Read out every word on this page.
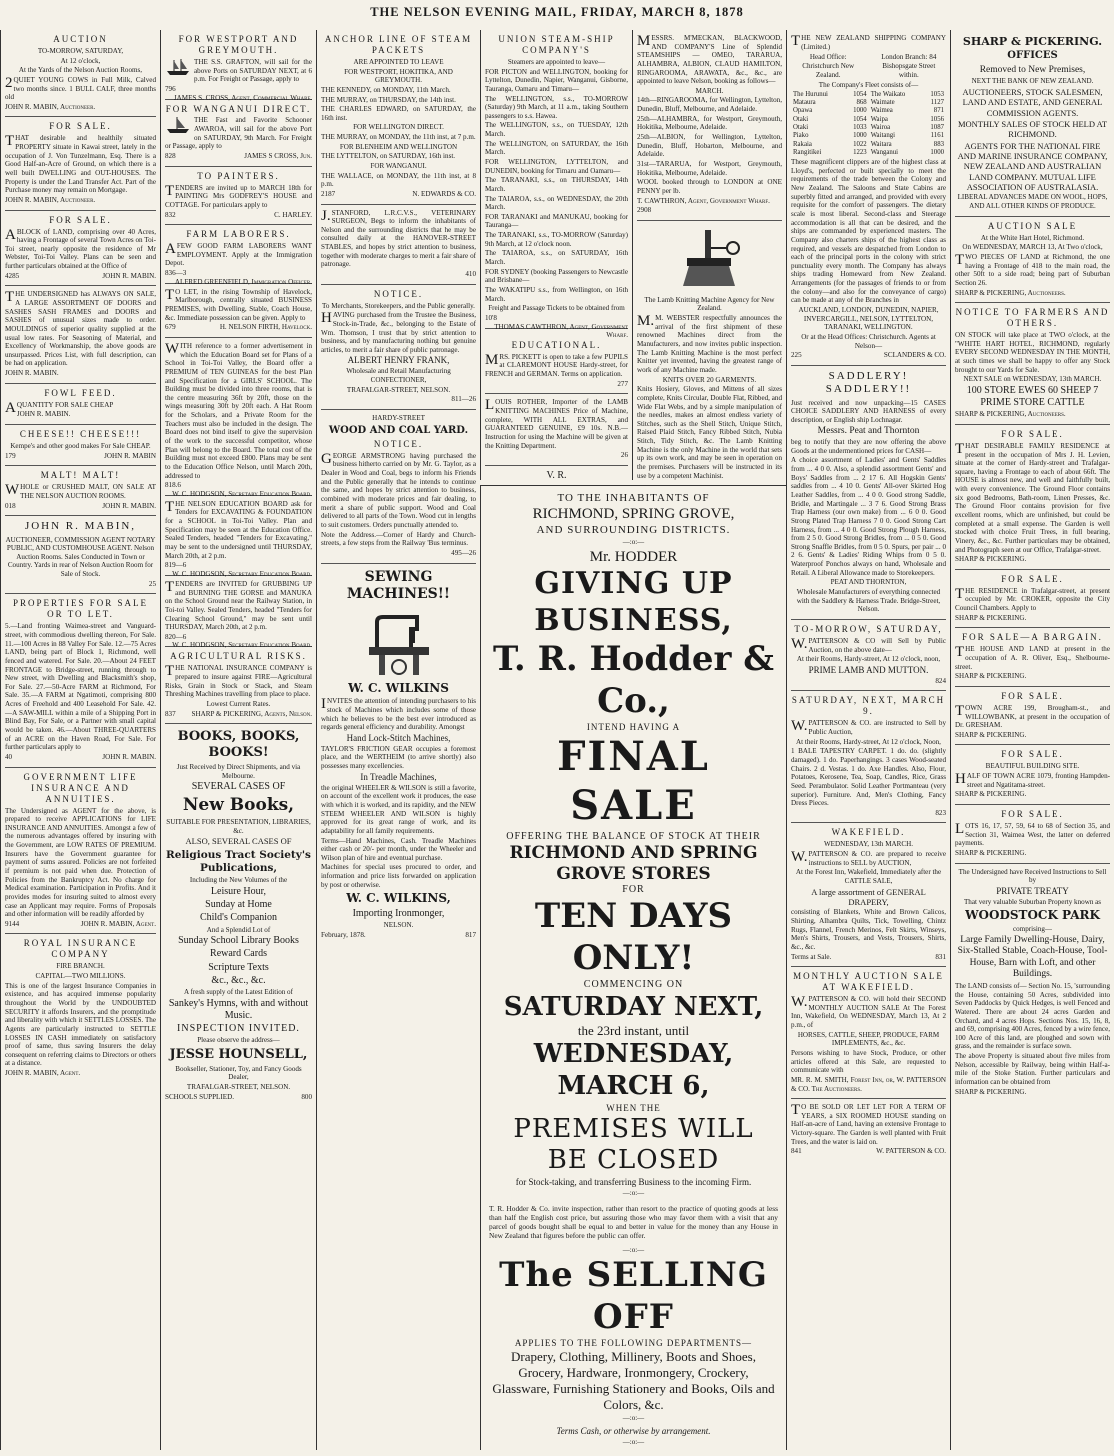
THE NELSON EVENING MAIL, FRIDAY, MARCH 8, 1878
AUCTION

TO-MORROW, SATURDAY,

At 12 o'clock,

At the Yards of the Nelson Auction Rooms,

2QUIET YOUNG COWS in Full Milk, Calved two months since. 1 BULL CALF, three months old

JOHN R. MABIN, Auctioneer.

FOR SALE.

THAT desirable and healthily situated PROPERTY situate in Kawai street, lately in the occupation of J. Von Tunzelmann, Esq. There is a Good Half-an-Acre of Ground, on which there is a well built DWELLING and OUT-HOUSES. The Property is under the Land Transfer Act. Part of the Purchase money may remain on Mortgage.

JOHN R. MABIN, Auctioneer.

FOR SALE.

ABLOCK of LAND, comprising over 40 Acres, having a Frontage of several Town Acres on Toi-Toi street, nearly opposite the residence of Mr Webster, Toi-Toi Valley. Plans can be seen and further particulars obtained at the Office of

4285	JOHN R. MABIN.

THE UNDERSIGNED has ALWAYS ON SALE, A LARGE ASSORTMENT OF DOORS and SASHES SASH FRAMES and DOORS and SASHES of unusual sizes made to order. MOULDINGS of superior quality supplied at the usual low rates. For Seasoning of Material, and Excellency of Workmanship, the above goods are unsurpassed. Prices List, with full description, can be had on application.

JOHN R. MABIN.

FOWL FEED.

AQUANTITY FOR SALE CHEAP

JOHN R. MABIN.

CHEESE!! CHEESE!!!

Kempe's and other good makes For Sale CHEAP.

179	JOHN R. MABIN

MALT! MALT!

WHOLE or CRUSHED MALT, ON SALE AT THE NELSON AUCTION ROOMS.

018	JOHN R. MABIN.

JOHN R. MABIN,

AUCTIONEER, COMMISSION AGENT NOTARY PUBLIC, AND CUSTOMHOUSE AGENT. Nelson Auction Rooms. Sales Conducted in Town or Country. Yards in rear of Nelson Auction Room for Sale of Stock.

25

PROPERTIES FOR SALE OR TO LET.

5.—Land fronting Waimea-street and Vanguard-street, with commodious dwelling thereon, For Sale. 11.—100 Acres in 88 Valley For Sale. 12.—75 Acres LAND, being part of Block 1, Richmond, well fenced and watered. For Sale. 20.—About 24 FEET FRONTAGE to Bridge-street, running through to New street, with Dwelling and Blacksmith's shop, For Sale. 27.—50-Acre FARM at Richmond, For Sale. 35.—A FARM at Ngatimoti, comprising 800 Acres of Freehold and 400 Leasehold For Sale. 42.—A SAW-MILL within a mile of a Shipping Port in Blind Bay, For Sale, or a Partner with small capital would be taken. 46.—About THREE-QUARTERS of an ACRE on the Haven Road, For Sale. For further particulars apply to

40	JOHN R. MABIN.

GOVERNMENT LIFE INSURANCE AND ANNUITIES.

The Undersigned as AGENT for the above, is prepared to receive APPLICATIONS for LIFE INSURANCE AND ANNUITIES. Amongst a few of the numerous advantages offered by insuring with the Government, are LOW RATES OF PREMIUM. Insurers have the Government guarantee for payment of sums assured. Policies are not forfeited if premium is not paid when due. Protection of Policies from the Bankruptcy Act. No charge for Medical examination. Participation in Profits. And it provides modes for insuring suited to almost every case an Applicant may require. Forms of Proposals and other information will be readily afforded by

9144	JOHN R. MABIN, Agent.

ROYAL INSURANCE COMPANY

FIRE BRANCH.

CAPITAL—TWO MILLIONS.

This is one of the largest Insurance Companies in existence, and has acquired immense popularity throughout the World by the UNDOUBTED SECURITY it affords Insurers, and the promptitude and liberality with which it SETTLES LOSSES. The Agents are particularly instructed to SETTLE LOSSES IN CASH immediately on satisfactory proof of same, thus saving Insurers the delay consequent on referring claims to Directors or others at a distance.

JOHN R. MABIN, Agent.

FOR WESTPORT AND GREYMOUTH.

THE S.S. GRAFTON, will sail for the above Ports on SATURDAY NEXT, at 6 p.m. For Freight or Passage, apply to

796
JAMES S. CROSS, Agent, Commercial Wharf.

FOR WANGANUI DIRECT.

THE Fast and Favorite Schooner AWAROA, will sail for the above Port on SATURDAY, 9th March. For Freight or Passage, apply to

828	JAMES S CROSS, Jun.

TO PAINTERS.

TENDERS are invited up to MARCH 18th for PAINTING Mrs GODFREY'S HOUSE and COTTAGE. For particulars apply to

832	C. HARLEY.

FARM LABORERS.

AFEW GOOD FARM LABORERS WANT EMPLOYMENT. Apply at the Immigration Depot.

836—3
ALFRED GREENFIELD, Immigration Officer.

TO LET, in the rising Township of Havelock, Marlborough, centrally situated BUSINESS PREMISES, with Dwelling, Stable, Coach House, &c. Immediate possession can be given. Apply to

679	H. NELSON FIRTH, Havelock.

WITH reference to a former advertisement in which the Education Board set for Plans of a School in Toi-Toi Valley, the Board offer a PREMIUM of TEN GUINEAS for the best Plan and Specification for a GIRLS' SCHOOL. The Building must be divided into three rooms, that is the centre measuring 36ft by 20ft, those on the wings measuring 30ft by 20ft each. A Hat Room for the Scholars, and a Private Room for the Teachers must also be included in the design. The Board does not bind itself to give the supervision of the work to the successful competitor, whose Plan will belong to the Board. The total cost of the Building must not exceed £800. Plans may be sent to the Education Office Nelson, until March 20th, addressed to

818.6
W. C. HODGSON, Secretary Education Board.

THE NELSON EDUCATION BOARD ask for Tenders for EXCAVATING & FOUNDATION for a SCHOOL in Toi-Toi Valley. Plan and Specification may be seen at the Education Office. Sealed Tenders, headed "Tenders for Excavating," may be sent to the undersigned until THURSDAY, March 20th, at 2 p.m.

819—6
W. C. HODGSON, Secretary Education Board.

TENDERS are INVITED for GRUBBING UP and BURNING THE GORSE and MANUKA on the School Ground near the Railway Station, in Toi-toi Valley. Sealed Tenders, headed "Tenders for Clearing School Ground," may be sent until THURSDAY, March 20th, at 2 p.m.

820—6
W. C. HODGSON, Secretary Education Board.

AGRICULTURAL RISKS.

THE NATIONAL INSURANCE COMPANY is prepared to insure against FIRE—Agricultural Risks, Grain in Stock or Stack, and Steam Threshing Machines travelling from place to place.

Lowest Current Rates.

837 SHARP & PICKERING, Agents, Nelson.

BOOKS, BOOKS, BOOKS!

Just Received by Direct Shipments, and via Melbourne.

SEVERAL CASES OF

New Books,

SUITABLE FOR PRESENTATION, LIBRARIES, &c.

ALSO, SEVERAL CASES OF

Religious Tract Society's Publications,

Including the New Volumes of the

Leisure Hour,

Sunday at Home

Child's Companion

And a Splendid Lot of

Sunday School Library Books

Reward Cards

Scripture Texts

&c., &c., &c.

A fresh supply of the Latest Edition of

Sankey's Hymns, with and without Music.

INSPECTION INVITED.

Please observe the address—

JESSE HOUNSELL,

Bookseller, Stationer, Toy, and Fancy Goods Dealer,

TRAFALGAR-STREET, NELSON.

SCHOOLS SUPPLIED.	800

ANCHOR LINE OF STEAM PACKETS

ARE APPOINTED TO LEAVE

FOR WESTPORT, HOKITIKA, AND GREYMOUTH.

THE KENNEDY, on MONDAY, 11th March.

THE MURRAY, on THURSDAY, the 14th inst.

THE CHARLES EDWARD, on SATURDAY, the 16th inst.

FOR WELLINGTON DIRECT.

THE MURRAY, on MONDAY, the 11th inst, at 7 p.m.

FOR BLENHEIM AND WELLINGTON

THE LYTTELTON, on SATURDAY, 16th inst.

FOR WANGANUI.

THE WALLACE, on MONDAY, the 11th inst, at 8 p.m.

2187	N. EDWARDS & CO.

J.STANFORD, L.R.C.V.S., VETERINARY SURGEON, Begs to inform the inhabitants of Nelson and the surrounding districts that he may be consulted daily at the HANOVER-STREET STABLES, and hopes by strict attention to business, together with moderate charges to merit a fair share of patronage.

410

NOTICE.

To Merchants, Storekeepers, and the Public generally.

HAVING purchased from the Trustee the Business, Stock-in-Trade, &c., belonging to the Estate of Wm. Thomson, I trust that by strict attention to business, and by manufacturing nothing but genuine articles, to merit a fair share of public patronage.

ALBERT HENRY FRANK,

Wholesale and Retail Manufacturing CONFECTIONER,

TRAFALGAR-STREET, NELSON.

811—26

HARDY-STREET

WOOD AND COAL YARD.
NOTICE.

GEORGE ARMSTRONG having purchased the business hitherto carried on by Mr. G. Taylor, as a Dealer in Wood and Coal, begs to inform his Friends and the Public generally that he intends to continue the same, and hopes by strict attention to business, combined with moderate prices and fair dealing, to merit a share of public support. Wood and Coal delivered to all parts of the Town. Wood cut in lengths to suit customers. Orders punctually attended to.

Note the Address.—Corner of Hardy and Church-streets, a few steps from the Railway 'Bus terminus.

495—26

SEWING MACHINES!!
W. C. WILKINS

INVITES the attention of intending purchasers to his stock of Machines which includes some of those which he believes to be the best ever introduced as regards general efficiency and durability. Amongst

Hand Lock-Stitch Machines,

TAYLOR'S FRICTION GEAR occupies a foremost place, and the WERTHEIM (to arrive shortly) also possesses many excellencies.

In Treadle Machines,

the original WHEELER & WILSON is still a favorite, on account of the excellent work it produces, the ease with which it is worked, and its rapidity, and the NEW STEEM WHEELER AND WILSON is highly approved for its great range of work, and its adaptability for all family requirements.

Terms—Hand Machines, Cash. Treadle Machines either cash or 20/- per month, under the Wheeler and Wilson plan of hire and eventual purchase.

Machines for special uses procured to order, and information and price lists forwarded on application by post or otherwise.

W. C. WILKINS,

Importing Ironmonger,

NELSON.

February, 1878.	817

UNION STEAM-SHIP COMPANY'S

Steamers are appointed to leave—

FOR PICTON and WELLINGTON, booking for Lyttelton, Dunedin, Napier, Wanganui, Gisborne, Tauranga, Oamaru and Timaru—

The WELLINGTON, s.s., TO-MORROW (Saturday) 9th March, at 11 a.m., taking Southern passengers to s.s. Hawea.

The WELLINGTON, s.s., on TUESDAY, 12th March.

The WELLINGTON, on SATURDAY, the 16th March.

FOR WELLINGTON, LYTTELTON, and DUNEDIN, booking for Timaru and Oamaru—

The TARANAKI, s.s., on THURSDAY, 14th March.

The TAIAROA, s.s., on WEDNESDAY, the 20th March.

FOR TARANAKI and MANUKAU, booking for Tauranga—

The TARANAKI, s.s., TO-MORROW (Saturday) 9th March, at 12 o'clock noon.

The TAIAROA, s.s., on SATURDAY, 16th March.

FOR SYDNEY (booking Passengers to Newcastle and Brisbane—

The WAKATIPU s.s., from Wellington, on 16th March.

Freight and Passage Tickets to be obtained from

10'8
THOMAS CAWTHRON, Agent, Government Wharf.

EDUCATIONAL.

MRS. PICKETT is open to take a few PUPILS at CLAREMONT HOUSE Hardy-street, for FRENCH and GERMAN. Terms on application.

277

LOUIS ROTHER, Importer of the LAMB KNITTING MACHINES Price of Machine, complete, WITH ALL EXTRAS, and GUARANTEED GENUINE, £9 10s. N.B.—Instruction for using the Machine will be given at the Knitting Department.

26

V. R.

MESSRS. M'MECKAN, BLACKWOOD, AND COMPANY'S Line of Splendid STEAMSHIPS — OMEO, TARARUA, ALHAMBRA, ALBION, CLAUD HAMILTON, RINGAROOMA, ARAWATA, &c., &c., are appointed to leave Nelson, booking as follows—

MARCH.

14th—RINGAROOMA, for Wellington, Lyttelton, Dunedin, Bluff, Melbourne, and Adelaide.

25th—ALHAMBRA, for Westport, Greymouth, Hokitika, Melbourne, Adelaide.

25th—ALBION, for Wellington, Lyttelton, Dunedin, Bluff, Hobarton, Melbourne, and Adelaide.

31st—TARARUA, for Westport, Greymouth, Hokitika, Melbourne, Adelaide.

WOOL booked through to LONDON at ONE PENNY per lb.

T. CAWTHRON, Agent, Government Wharf.

2908

The Lamb Knitting Machine Agency for New Zealand.

M.M. WEBSTER respectfully announces the arrival of the first shipment of these renowned Machines direct from the Manufacturers, and now invites public inspection. The Lamb Knitting Machine is the most perfect Knitter yet invented, having the greatest range of work of any Machine made.

KNITS OVER 20 GARMENTS.

Knits Hosiery, Gloves, and Mittens of all sizes complete, Knits Circular, Double Flat, Ribbed, and Wide Flat Webs, and by a simple manipulation of the needles, makes an almost endless variety of Stitches, such as the Shell Stitch, Unique Stitch, Raised Plaid Stitch, Fancy Ribbed Stitch, Nubia Stitch, Tidy Stitch, &c. The Lamb Knitting Machine is the only Machine in the world that sets up its own work, and may be seen in operation on the premises. Purchasers will be instructed in its use by a competent Machinist.

TO THE INHABITANTS OF
RICHMOND, SPRING GROVE,
AND SURROUNDING DISTRICTS.
—:o:—
Mr. HODDER
GIVING UP BUSINESS,
T. R. Hodder & Co.,
INTEND HAVING A
FINAL SALE
OFFERING THE BALANCE OF STOCK AT THEIR
RICHMOND AND SPRING GROVE STORES
FOR
TEN DAYS ONLY!
COMMENCING ON
SATURDAY NEXT,
the 23rd instant, until
WEDNESDAY, MARCH 6,
WHEN THE
PREMISES WILL BE CLOSED
for Stock-taking, and transferring Business to the incoming Firm.
—:o:—
T. R. Hodder & Co. invite inspection, rather than resort to the practice of quoting goods at less than half the English cost price, but assuring those who may favor them with a visit that any parcel of goods bought shall be equal to and better in value for the money than any House in New Zealand that figures before the public can offer.
—:o:—
The SELLING OFF
APPLIES TO THE FOLLOWING DEPARTMENTS—
Drapery, Clothing, Millinery, Boots and Shoes, Grocery, Hardware, Ironmongery, Crockery, Glassware, Furnishing Stationery and Books, Oils and Colors, &c.
—:o:—
Terms Cash, or otherwise by arrangement.
—:o:—

THE NEW ZEALAND SHIPPING COMPANY (Limited.)

Head Office: Christchurch New Zealand.

London Branch: 84 Bishopsgate Street within.

The Company's Fleet consists of—

The Hurunui	1054	The Waikato	1053
Mataura	868	Waimate	1127
Opawa	1000	Waimea	871
Otaki	1054	Waipa	1056
Otaki	1033	Wairoa	1087
Piako	1000	Waitangi	1161
Rakaia	1022	Waitara	883
Rangitikei	1223	Wanganui	1000

These magnificent clippers are of the highest class at Lloyd's, perfected or built specially to meet the requirements of the trade between the Colony and New Zealand. The Saloons and State Cabins are superbly fitted and arranged, and provided with every requisite for the comfort of passengers. The dietary scale is most liberal. Second-class and Steerage accommodation is all that can be desired, and the ships are commanded by experienced masters. The Company also charters ships of the highest class as required, and vessels are despatched from London to each of the principal ports in the colony with strict punctuality every month. The Company has always ships trading Homeward from New Zealand. Arrangements (for the passages of friends to or from the colony—and also for the conveyance of cargo) can be made at any of the Branches in

AUCKLAND, LONDON, DUNEDIN, NAPIER, INVERCARGILL, NELSON, LYTTELTON, TARANAKI, WELLINGTON.

Or at the Head Offices: Christchurch. Agents at Nelson—

225	SCLANDERS & CO.

SADDLERY! SADDLERY!!

Just received and now unpacking—15 CASES CHOICE SADDLERY AND HARNESS of every description, or English ship Lochnagar.

Messrs. Peat and Thornton

beg to notify that they are now offering the above Goods at the undermentioned prices for CASH—

A choice assortment of Ladies' and Gents' Saddles from ... 4 0 0. Also, a splendid assortment Gents' and Boys' Saddles from ... 2 17 6. All Hogskin Gents' saddles from ... 4 10 0. Gents' All-over Skirted Hog Leather Saddles, from ... 4 0 0. Good strong Saddle, Bridle, and Martingale ... 3 7 6. Good Strong Brass Trap Harness (our own make) from ... 6 0 0. Good Strong Plated Trap Harness 7 0 0. Good Strong Cart Harness, from ... 4 0 0. Good Strong Plough Harness, from 2 5 0. Good Strong Bridles, from ... 0 5 0. Good Strong Snaffle Bridles, from 0 5 0. Spurs, per pair ... 0 2 6. Gents' & Ladies' Riding Whips from 0 5 0. Waterproof Ponchos always on hand, Wholesale and Retail. A Liberal Allowance made to Storekeepers.

PEAT AND THORNTON,

Wholesale Manufacturers of everything connected with the Saddlery & Harness Trade. Bridge-Street, Nelson.

TO-MORROW, SATURDAY,

W.PATTERSON & CO will Sell by Public Auction, on the above date—

At their Rooms, Hardy-street, At 12 o'clock, noon,

PRIME LAMB AND MUTTON.

824

SATURDAY, NEXT, MARCH 9.

W.PATTERSON & CO. are instructed to Sell by Public Auction,

At their Rooms, Hardy-street, At 12 o'clock, Noon,

1 BALE TAPESTRY CARPET. 1 do. do. (slightly damaged). 1 do. Paperhangings. 3 cases Wood-seated Chairs. 2 d. Vestas. 1 do. Axe Handles. Also, Flour, Potatoes, Kerosene, Tea, Soap, Candles, Rice, Grass Seed. Perambulator. Solid Leather Portmanteau (very superior). Furniture. And, Men's Clothing, Fancy Dress Pieces.

823

WAKEFIELD.

WEDNESDAY, 13th MARCH.

W.PATTERSON & CO. are prepared to receive instructions to SELL by AUCTION,

At the Forest Inn, Wakefield, Immediately after the CATTLE SALE,

A large assortment of GENERAL DRAPERY,

consisting of Blankets, White and Brown Calicos, Shirting, Alhambra Quilts, Tick, Towelling, Chintz Rugs, Flannel, French Merinos, Felt Skirts, Winseys, Men's Shirts, Trousers, and Vests, Trousers, Shirts, &c., &c.

Terms at Sale.	831

MONTHLY AUCTION SALE AT WAKEFIELD.

W.PATTERSON & CO. will hold their SECOND MONTHLY AUCTION SALE At The Forest Inn, Wakefield, On WEDNESDAY, March 13, At 2 p.m., of

HORSES, CATTLE, SHEEP, PRODUCE, FARM IMPLEMENTS, &c., &c.

Persons wishing to have Stock, Produce, or other articles offered at this Sale, are requested to communicate with

MR. R. M. SMITH, Forest Inn, or, W. PATTERSON & CO. The Auctioneers.

TO BE SOLD OR LET LET FOR A TERM OF YEARS, a SIX ROOMED HOUSE standing on Half-an-acre of Land, having an extensive Frontage to Victory-square. The Garden is well planted with Fruit Trees, and the water is laid on.

841	W. PATTERSON & CO.

SHARP & PICKERING.
OFFICES

Removed to New Premises,

NEXT THE BANK OF NEW ZEALAND.

AUCTIONEERS, STOCK SALESMEN, LAND AND ESTATE, AND GENERAL COMMISSION AGENTS.

MONTHLY SALES OF STOCK HELD AT RICHMOND.

AGENTS FOR THE NATIONAL FIRE AND MARINE INSURANCE COMPANY, NEW ZEALAND AND AUSTRALIAN LAND COMPANY. MUTUAL LIFE ASSOCIATION OF AUSTRALASIA.

LIBERAL ADVANCES MADE ON WOOL, HOPS, AND ALL OTHER KINDS OF PRODUCE.

AUCTION SALE

At the White Hart Hotel, Richmond.

On WEDNESDAY, MARCH 13, At Two o'clock,

TWO PIECES OF LAND at Richmond, the one having a Frontage of 418 to the main road, the other 50ft to a side road; being part of Suburban Section 26.

SHARP & PICKERING, Auctioneers.

NOTICE TO FARMERS AND OTHERS.

ON STOCK will take place at TWO o'clock, at the "WHITE HART HOTEL, RICHMOND, regularly EVERY SECOND WEDNESDAY IN THE MONTH, at such times we shall be happy to offer any Stock brought to our Yards for Sale.

NEXT SALE on WEDNESDAY, 13th MARCH.

100 STORE EWES 60 SHEEP 7 PRIME STORE CATTLE

SHARP & PICKERING, Auctioneers.

FOR SALE.

THAT DESIRABLE FAMILY RESIDENCE at present in the occupation of Mrs J. H. Levien, situate at the corner of Hardy-street and Trafalgar-square, having a Frontage to each of about 66ft. The HOUSE is almost new, and well and faithfully built, with every convenience. The Ground Floor contains six good Bedrooms, Bath-room, Linen Presses, &c. The Ground Floor contains provision for five excellent rooms, which are unfinished, but could be completed at a small expense. The Garden is well stocked with choice Fruit Trees, in full bearing, Vinery, &c., &c. Further particulars may be obtained, and Photograph seen at our Office, Trafalgar-street.

SHARP & PICKERING.

FOR SALE.

THE RESIDENCE in Trafalgar-street, at present occupied by Mr. CROKER, opposite the City Council Chambers. Apply to

SHARP & PICKERING.

FOR SALE—A BARGAIN.

THE HOUSE AND LAND at present in the occupation of A. R. Oliver, Esq., Shelbourne-street.

SHARP & PICKERING.

FOR SALE.

TOWN ACRE 199, Brougham-st., and WILLOWBANK, at present in the occupation of Dr. GRESHAM.

SHARP & PICKERING.

FOR SALE.

BEAUTIFUL BUILDING SITE.

HALF OF TOWN ACRE 1079, fronting Hampden-street and Ngatitama-street.

SHARP & PICKERING.

FOR SALE.

LOTS 16, 17, 57, 59, 64 to 68 of Section 35, and Section 31, Waimea West, the latter on deferred payments.

SHARP & PICKERING.

The Undersigned have Received Instructions to Sell by

PRIVATE TREATY

That very valuable Suburban Property known as

WOODSTOCK PARK

comprising—

Large Family Dwelling-House, Dairy, Six-Stalled Stable, Coach-House, Tool-House, Barn with Loft, and other Buildings.

The LAND consists of— Section No. 15, 'surrounding the House, containing 50 Acres, subdivided into Seven Paddocks by Quick Hedges, is well Fenced and Watered. There are about 24 acres Garden and Orchard, and 4 acres Hops. Sections Nos. 15, 16, 8, and 69, comprising 400 Acres, fenced by a wire fence, 100 Acre of this land, are ploughed and sown with grass, and the remainder is surface sown.

The above Property is situated about five miles from Nelson, accessible by Railway, being within Half-a-mile of the Stoke Station. Further particulars and information can be obtained from

SHARP & PICKERING.
